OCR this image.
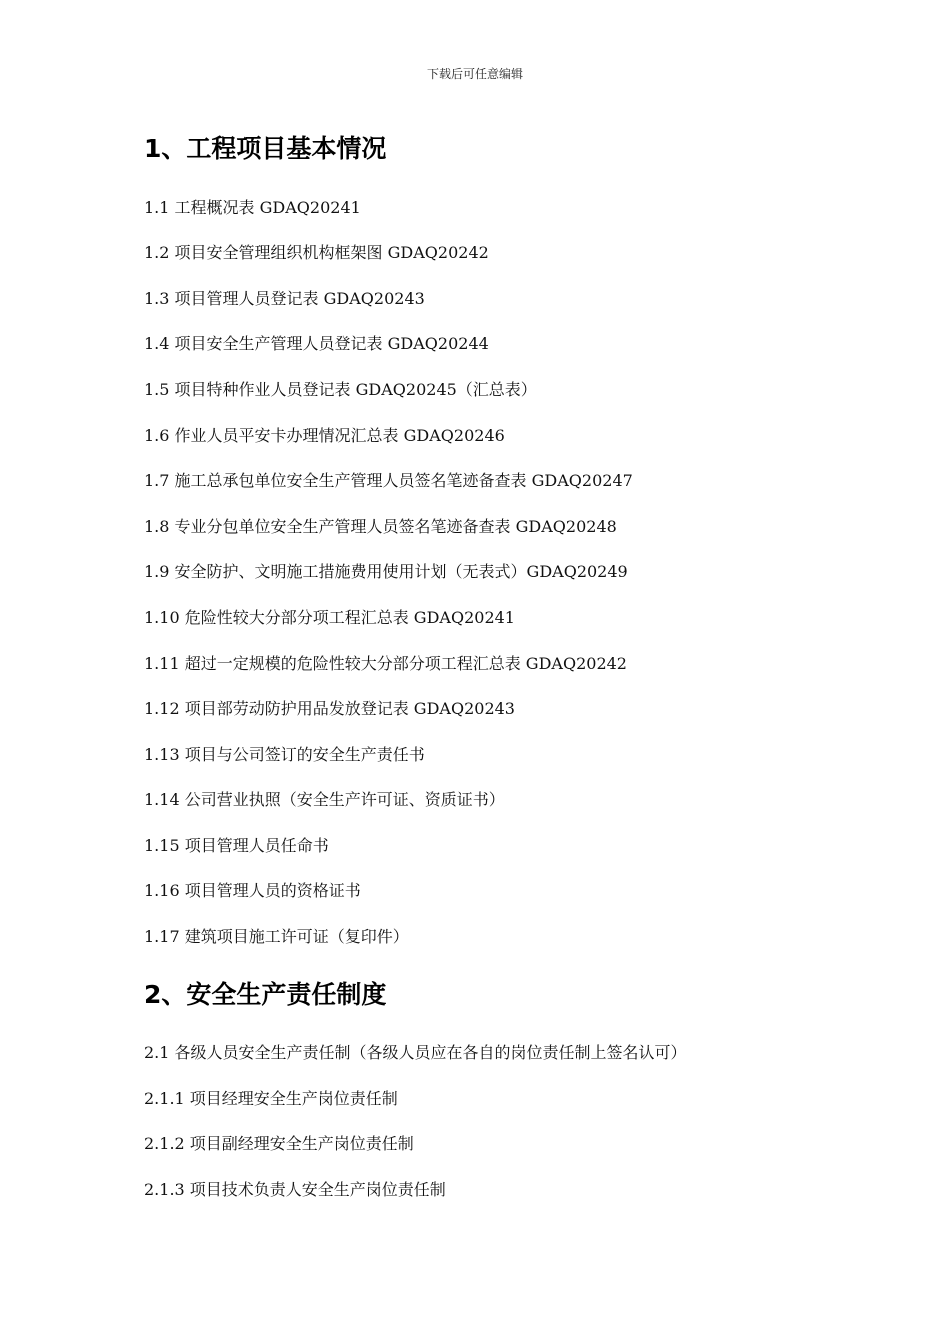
下载后可任意编辑
1、工程项目基本情况
1.1 工程概况表 GDAQ20241
1.2 项目安全管理组织机构框架图 GDAQ20242
1.3 项目管理人员登记表 GDAQ20243
1.4 项目安全生产管理人员登记表 GDAQ20244
1.5 项目特种作业人员登记表 GDAQ20245（汇总表）
1.6 作业人员平安卡办理情况汇总表 GDAQ20246
1.7 施工总承包单位安全生产管理人员签名笔迹备查表 GDAQ20247
1.8 专业分包单位安全生产管理人员签名笔迹备查表 GDAQ20248
1.9 安全防护、文明施工措施费用使用计划（无表式）GDAQ20249
1.10 危险性较大分部分项工程汇总表 GDAQ20241
1.11 超过一定规模的危险性较大分部分项工程汇总表 GDAQ20242
1.12 项目部劳动防护用品发放登记表 GDAQ20243
1.13 项目与公司签订的安全生产责任书
1.14 公司营业执照（安全生产许可证、资质证书）
1.15 项目管理人员任命书
1.16 项目管理人员的资格证书
1.17 建筑项目施工许可证（复印件）
2、安全生产责任制度
2.1 各级人员安全生产责任制（各级人员应在各自的岗位责任制上签名认可）
2.1.1 项目经理安全生产岗位责任制
2.1.2 项目副经理安全生产岗位责任制
2.1.3 项目技术负责人安全生产岗位责任制
